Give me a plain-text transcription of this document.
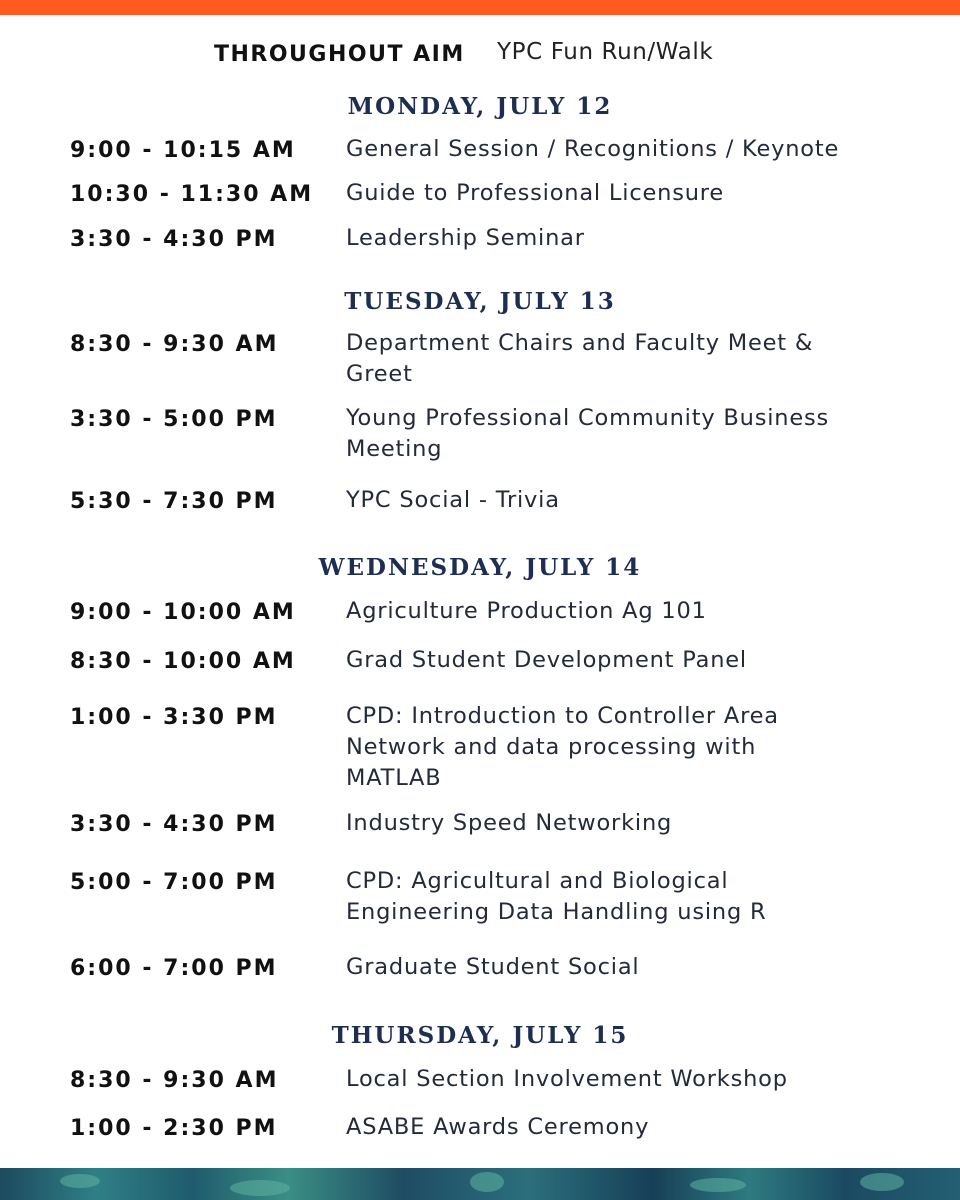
THROUGHOUT AIM YPC Fun Run/Walk
MONDAY, JULY 12
9:00 - 10:15 AM General Session / Recognitions / Keynote
10:30 - 11:30 AM Guide to Professional Licensure
3:30 - 4:30 PM	Leadership Seminar
TUESDAY, JULY 13
8:30 - 9:30 AM	Department Chairs and Faculty Meet &
Greet
3:30 - 5:00 PM	Young Professional Community Business
Meeting
5:30 - 7:30 PM	YPC Social - Trivia
WEDNESDAY, JULY 14
9:00 - 10:00 AM Agriculture Production Ag 101
8:30 - 10:00 AM Grad Student Development Panel
1:00 - 3:30 PM	CPD: Introduction to Controller Area
Network and data processing with
MATLAB
3:30 - 4:30 PM	Industry Speed Networking
5:00 - 7:00 PM	CPD: Agricultural and Biological
Engineering Data Handling using R
6:00 - 7:00 PM	Graduate Student Social
THURSDAY, JULY 15
8:30 - 9:30 AM	Local Section Involvement Workshop
1:00 - 2:30 PM	ASABE Awards Ceremony
